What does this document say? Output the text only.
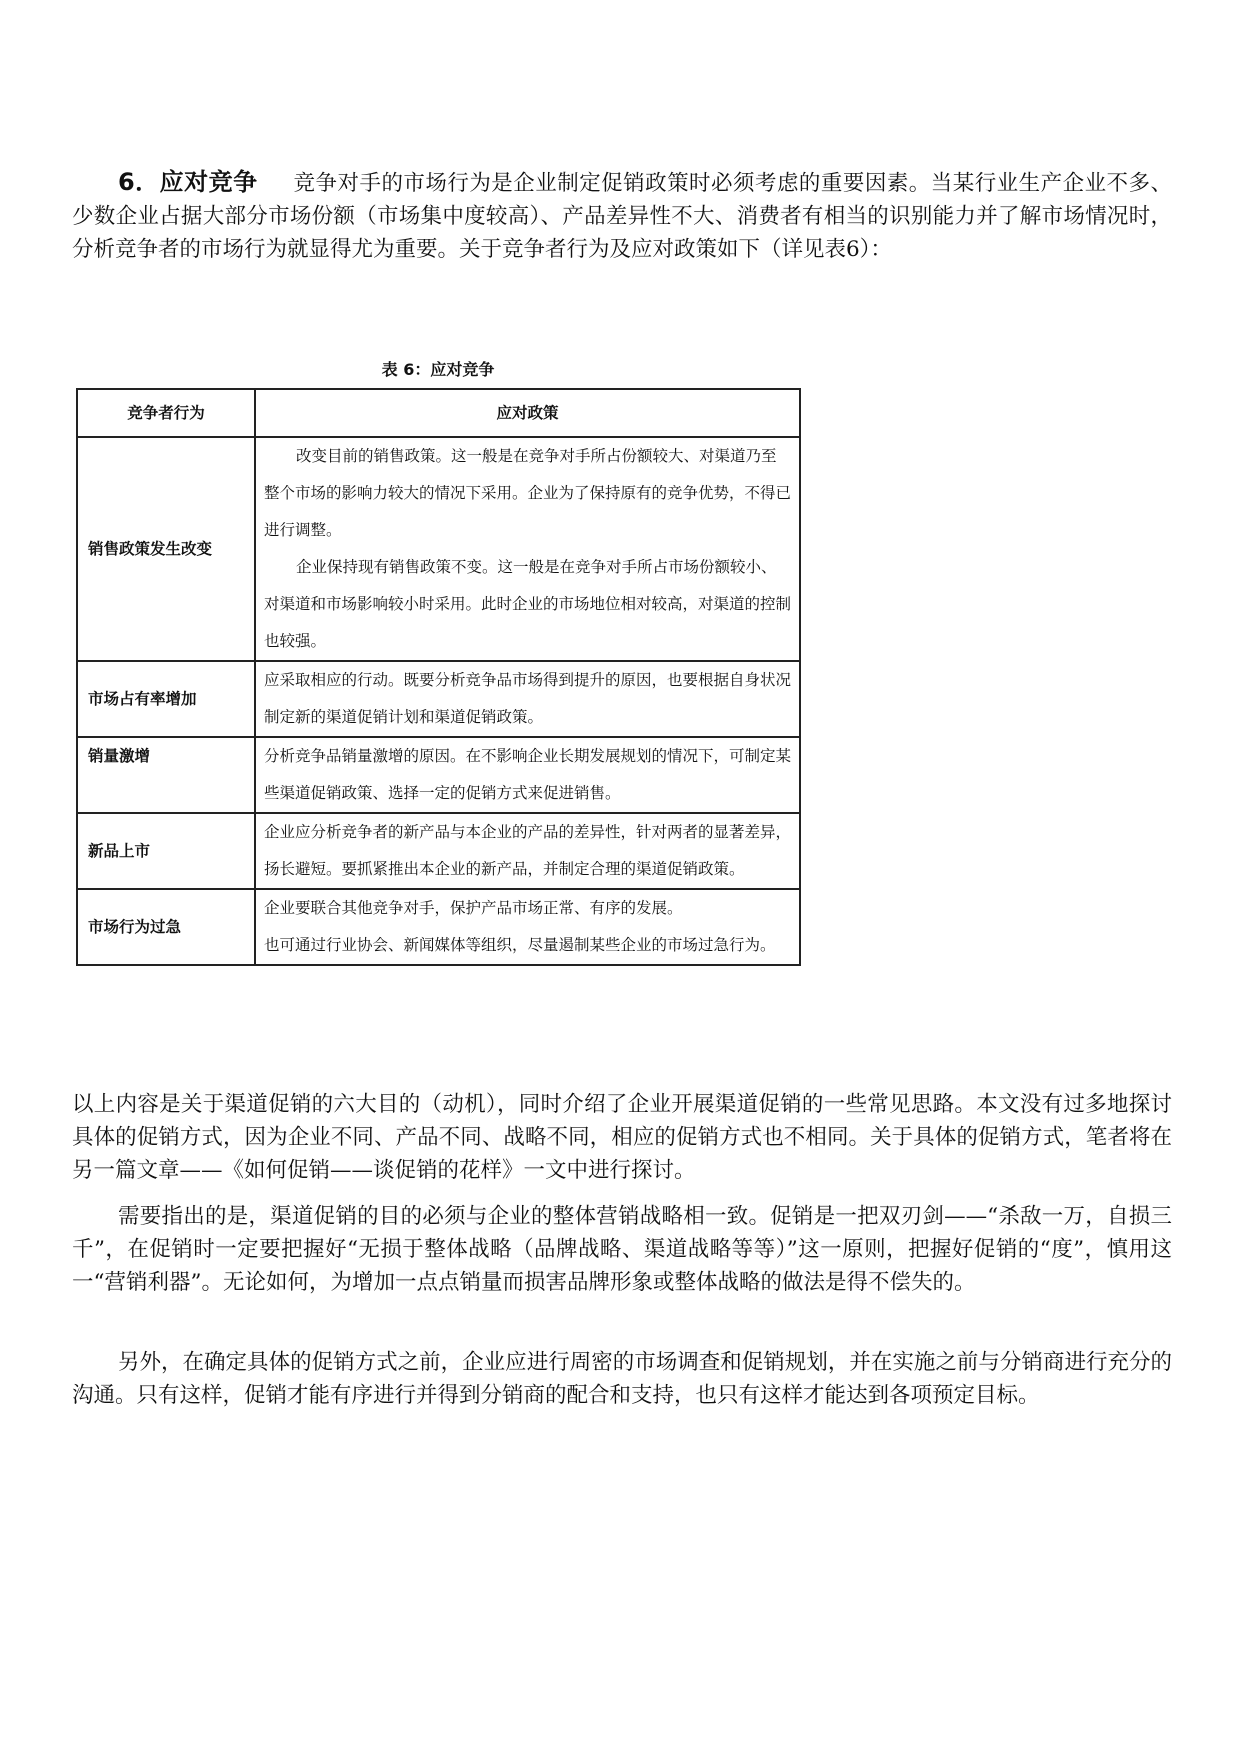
6．应对竞争 竞争对手的市场行为是企业制定促销政策时必须考虑的重要因素。当某行业生产企业不多、少数企业占据大部分市场份额（市场集中度较高）、产品差异性不大、消费者有相当的识别能力并了解市场情况时，分析竞争者的市场行为就显得尤为重要。关于竞争者行为及应对政策如下（详见表6）：

表 6：应对竞争
竞争者行为	应对政策
销售政策发生改变	改变目前的销售政策。这一般是在竞争对手所占份额较大、对渠道乃至整个市场的影响力较大的情况下采用。企业为了保持原有的竞争优势，不得已进行调整。

企业保持现有销售政策不变。这一般是在竞争对手所占市场份额较小、对渠道和市场影响较小时采用。此时企业的市场地位相对较高，对渠道的控制也较强。

市场占有率增加	应采取相应的行动。既要分析竞争品市场得到提升的原因，也要根据自身状况制定新的渠道促销计划和渠道促销政策。

销量激增	分析竞争品销量激增的原因。在不影响企业长期发展规划的情况下，可制定某些渠道促销政策、选择一定的促销方式来促进销售。

新品上市	企业应分析竞争者的新产品与本企业的产品的差异性，针对两者的显著差异，扬长避短。要抓紧推出本企业的新产品，并制定合理的渠道促销政策。

市场行为过急	企业要联合其他竞争对手，保护产品市场正常、有序的发展。

也可通过行业协会、新闻媒体等组织，尽量遏制某些企业的市场过急行为。

以上内容是关于渠道促销的六大目的（动机），同时介绍了企业开展渠道促销的一些常见思路。本文没有过多地探讨具体的促销方式，因为企业不同、产品不同、战略不同，相应的促销方式也不相同。关于具体的促销方式，笔者将在另一篇文章——《如何促销——谈促销的花样》一文中进行探讨。

需要指出的是，渠道促销的目的必须与企业的整体营销战略相一致。促销是一把双刃剑——“杀敌一万，自损三千”，在促销时一定要把握好“无损于整体战略（品牌战略、渠道战略等等）”这一原则，把握好促销的“度”，慎用这一“营销利器”。无论如何，为增加一点点销量而损害品牌形象或整体战略的做法是得不偿失的。

另外，在确定具体的促销方式之前，企业应进行周密的市场调查和促销规划，并在实施之前与分销商进行充分的沟通。只有这样，促销才能有序进行并得到分销商的配合和支持，也只有这样才能达到各项预定目标。
